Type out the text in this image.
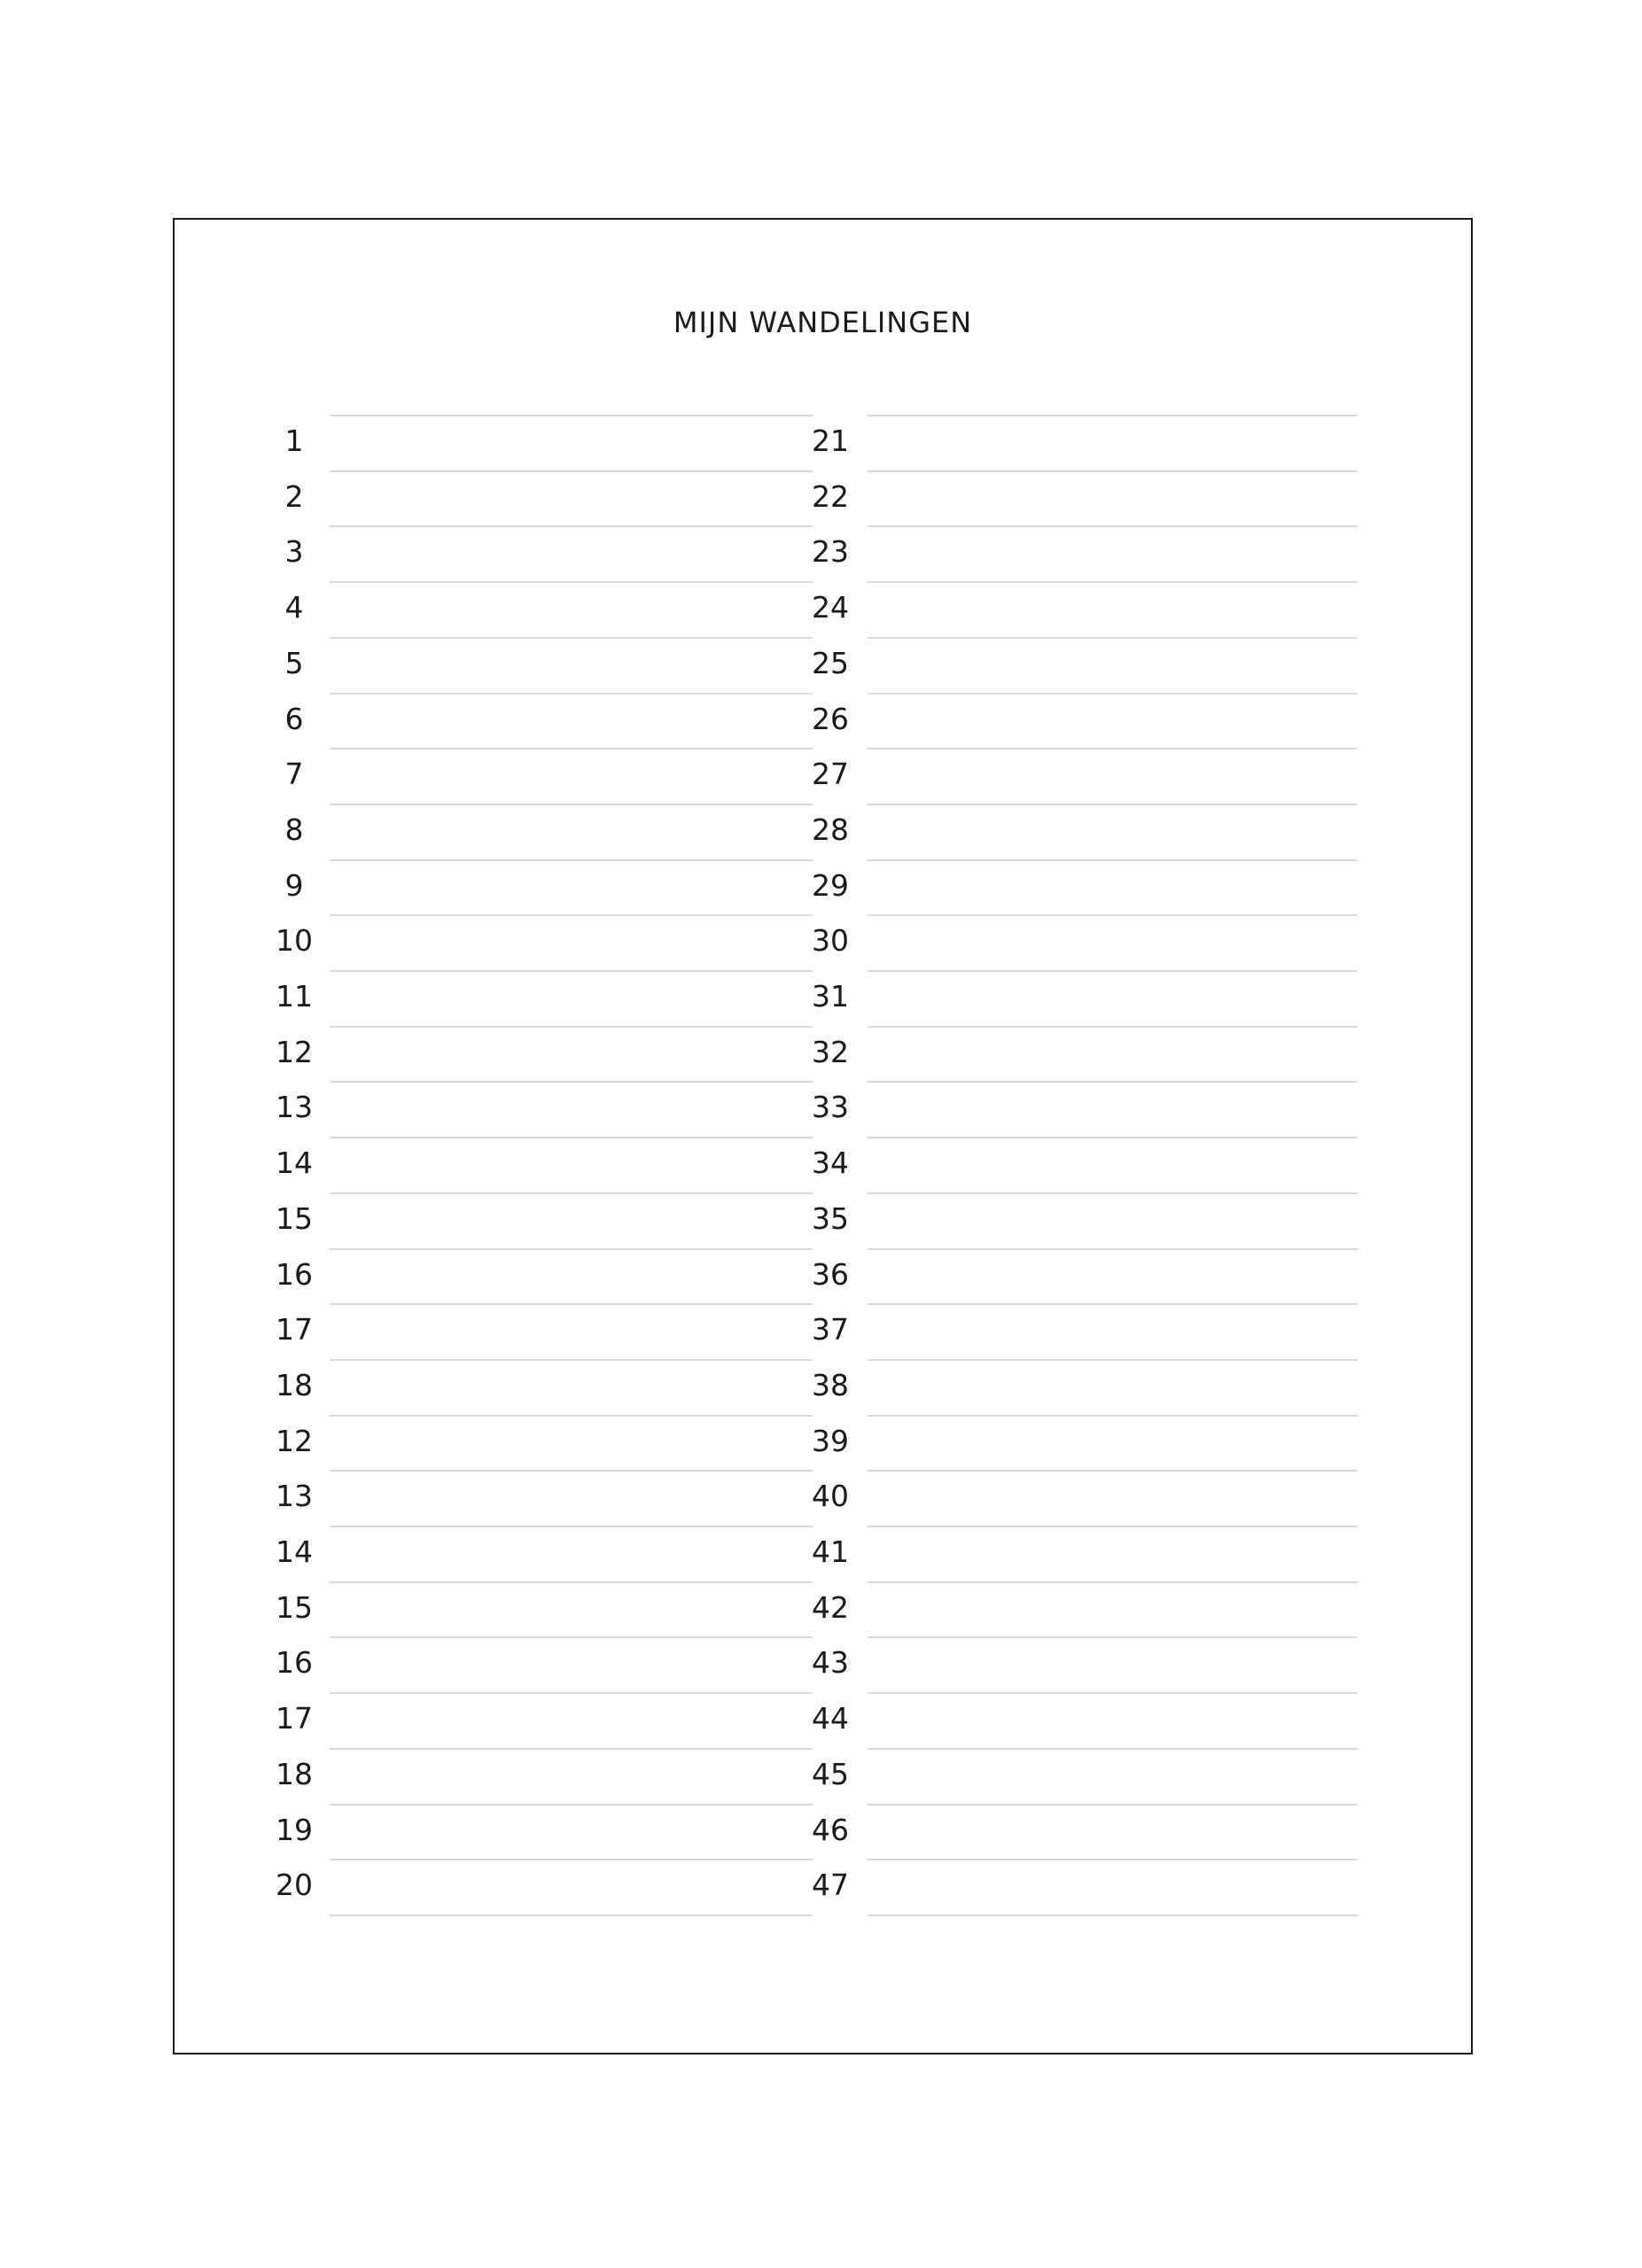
MIJN WANDELINGEN
1
2
3
4
5
6
7
8
9
10
11
12
13
14
15
16
17
18
12
13
14
15
16
17
18
19
20
21
22
23
24
25
26
27
28
29
30
31
32
33
34
35
36
37
38
39
40
41
42
43
44
45
46
47
